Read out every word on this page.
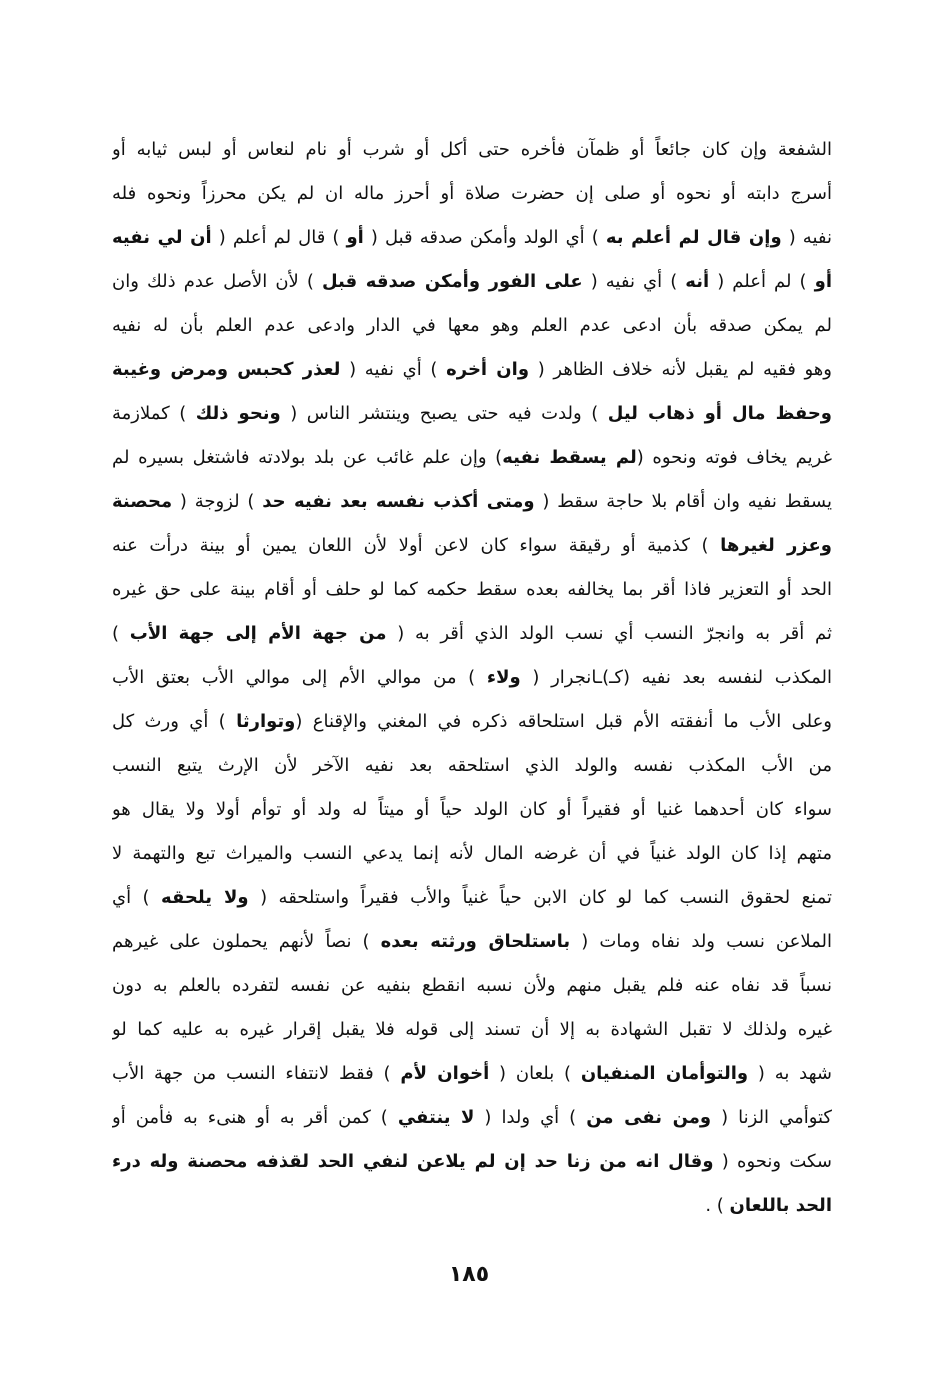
الشفعة وإن كان جائعاً أو ظمآن فأخره حتى أكل أو شرب أو نام لنعاس أو لبس ثيابه أو
أسرج دابته أو نحوه أو صلى إن حضرت صلاة أو أحرز ماله ان لم يكن محرزاً ونحوه فله
نفيه ( وإن قال لم أعلم به ) أي الولد وأمكن صدقه قبل ( أو ) قال لم أعلم ( أن لي نفيه
أو ) لم أعلم ( أنه ) أي نفيه ( على الفور وأمكن صدقه قبل ) لأن الأصل عدم ذلك وان
لم يمكن صدقه بأن ادعى عدم العلم وهو معها في الدار وادعى عدم العلم بأن له نفيه
وهو فقيه لم يقبل لأنه خلاف الظاهر ( وان أخره ) أي نفيه ( لعذر كحبس ومرض وغيبة
وحفظ مال أو ذهاب ليل ) ولدت فيه حتى يصبح وينتشر الناس ( ونحو ذلك ) كملازمة
غريم يخاف فوته ونحوه (لم يسقط نفيه) وإن علم غائب عن بلد بولادته فاشتغل بسيره لم
يسقط نفيه وان أقام بلا حاجة سقط ( ومتى أكذب نفسه بعد نفيه حد ) لزوجة ( محصنة
وعزر لغيرها ) كذمية أو رقيقة سواء كان لاعن أولا لأن اللعان يمين أو بينة درأت عنه
الحد أو التعزير فاذا أقر بما يخالفه بعده سقط حكمه كما لو حلف أو أقام بينة على حق غيره
ثم أقر به وانجرّ النسب أي نسب الولد الذي أقر به ( من جهة الأم إلى جهة الأب )
المكذب لنفسه بعد نفيه (كـ)ـانجرار ( ولاء ) من موالي الأم إلى موالي الأب بعتق الأب
وعلى الأب ما أنفقته الأم قبل استلحاقه ذكره في المغني والإقناع (وتوارثا ) أي ورث كل
من الأب المكذب نفسه والولد الذي استلحقه بعد نفيه الآخر لأن الإرث يتبع النسب
سواء كان أحدهما غنيا أو فقيراً أو كان الولد حياً أو ميتاً له ولد أو توأم أولا ولا يقال هو
متهم إذا كان الولد غنياً في أن غرضه المال لأنه إنما يدعي النسب والميراث تبع والتهمة لا
تمنع لحقوق النسب كما لو كان الابن حياً غنياً والأب فقيراً واستلحقه ( ولا يلحقه ) أي
الملاعن نسب ولد نفاه ومات ( باستلحاق ورثته بعده ) نصاً لأنهم يحملون على غيرهم
نسباً قد نفاه عنه فلم يقبل منهم ولأن نسبه انقطع بنفيه عن نفسه لتفرده بالعلم به دون
غيره ولذلك لا تقبل الشهادة به إلا أن تسند إلى قوله فلا يقبل إقرار غيره به عليه كما لو
شهد به ( والتوأمان المنفيان ) بلعان ( أخوان لأم ) فقط لانتفاء النسب من جهة الأب
كتوأمي الزنا ( ومن نفى من ) أي ولدا ( لا ينتفي ) كمن أقر به أو هنىء به فأمن أو
سكت ونحوه ( وقال انه من زنا حد إن لم يلاعن لنفي الحد لقذفه محصنة وله درء
الحد باللعان ) .
١٨٥
